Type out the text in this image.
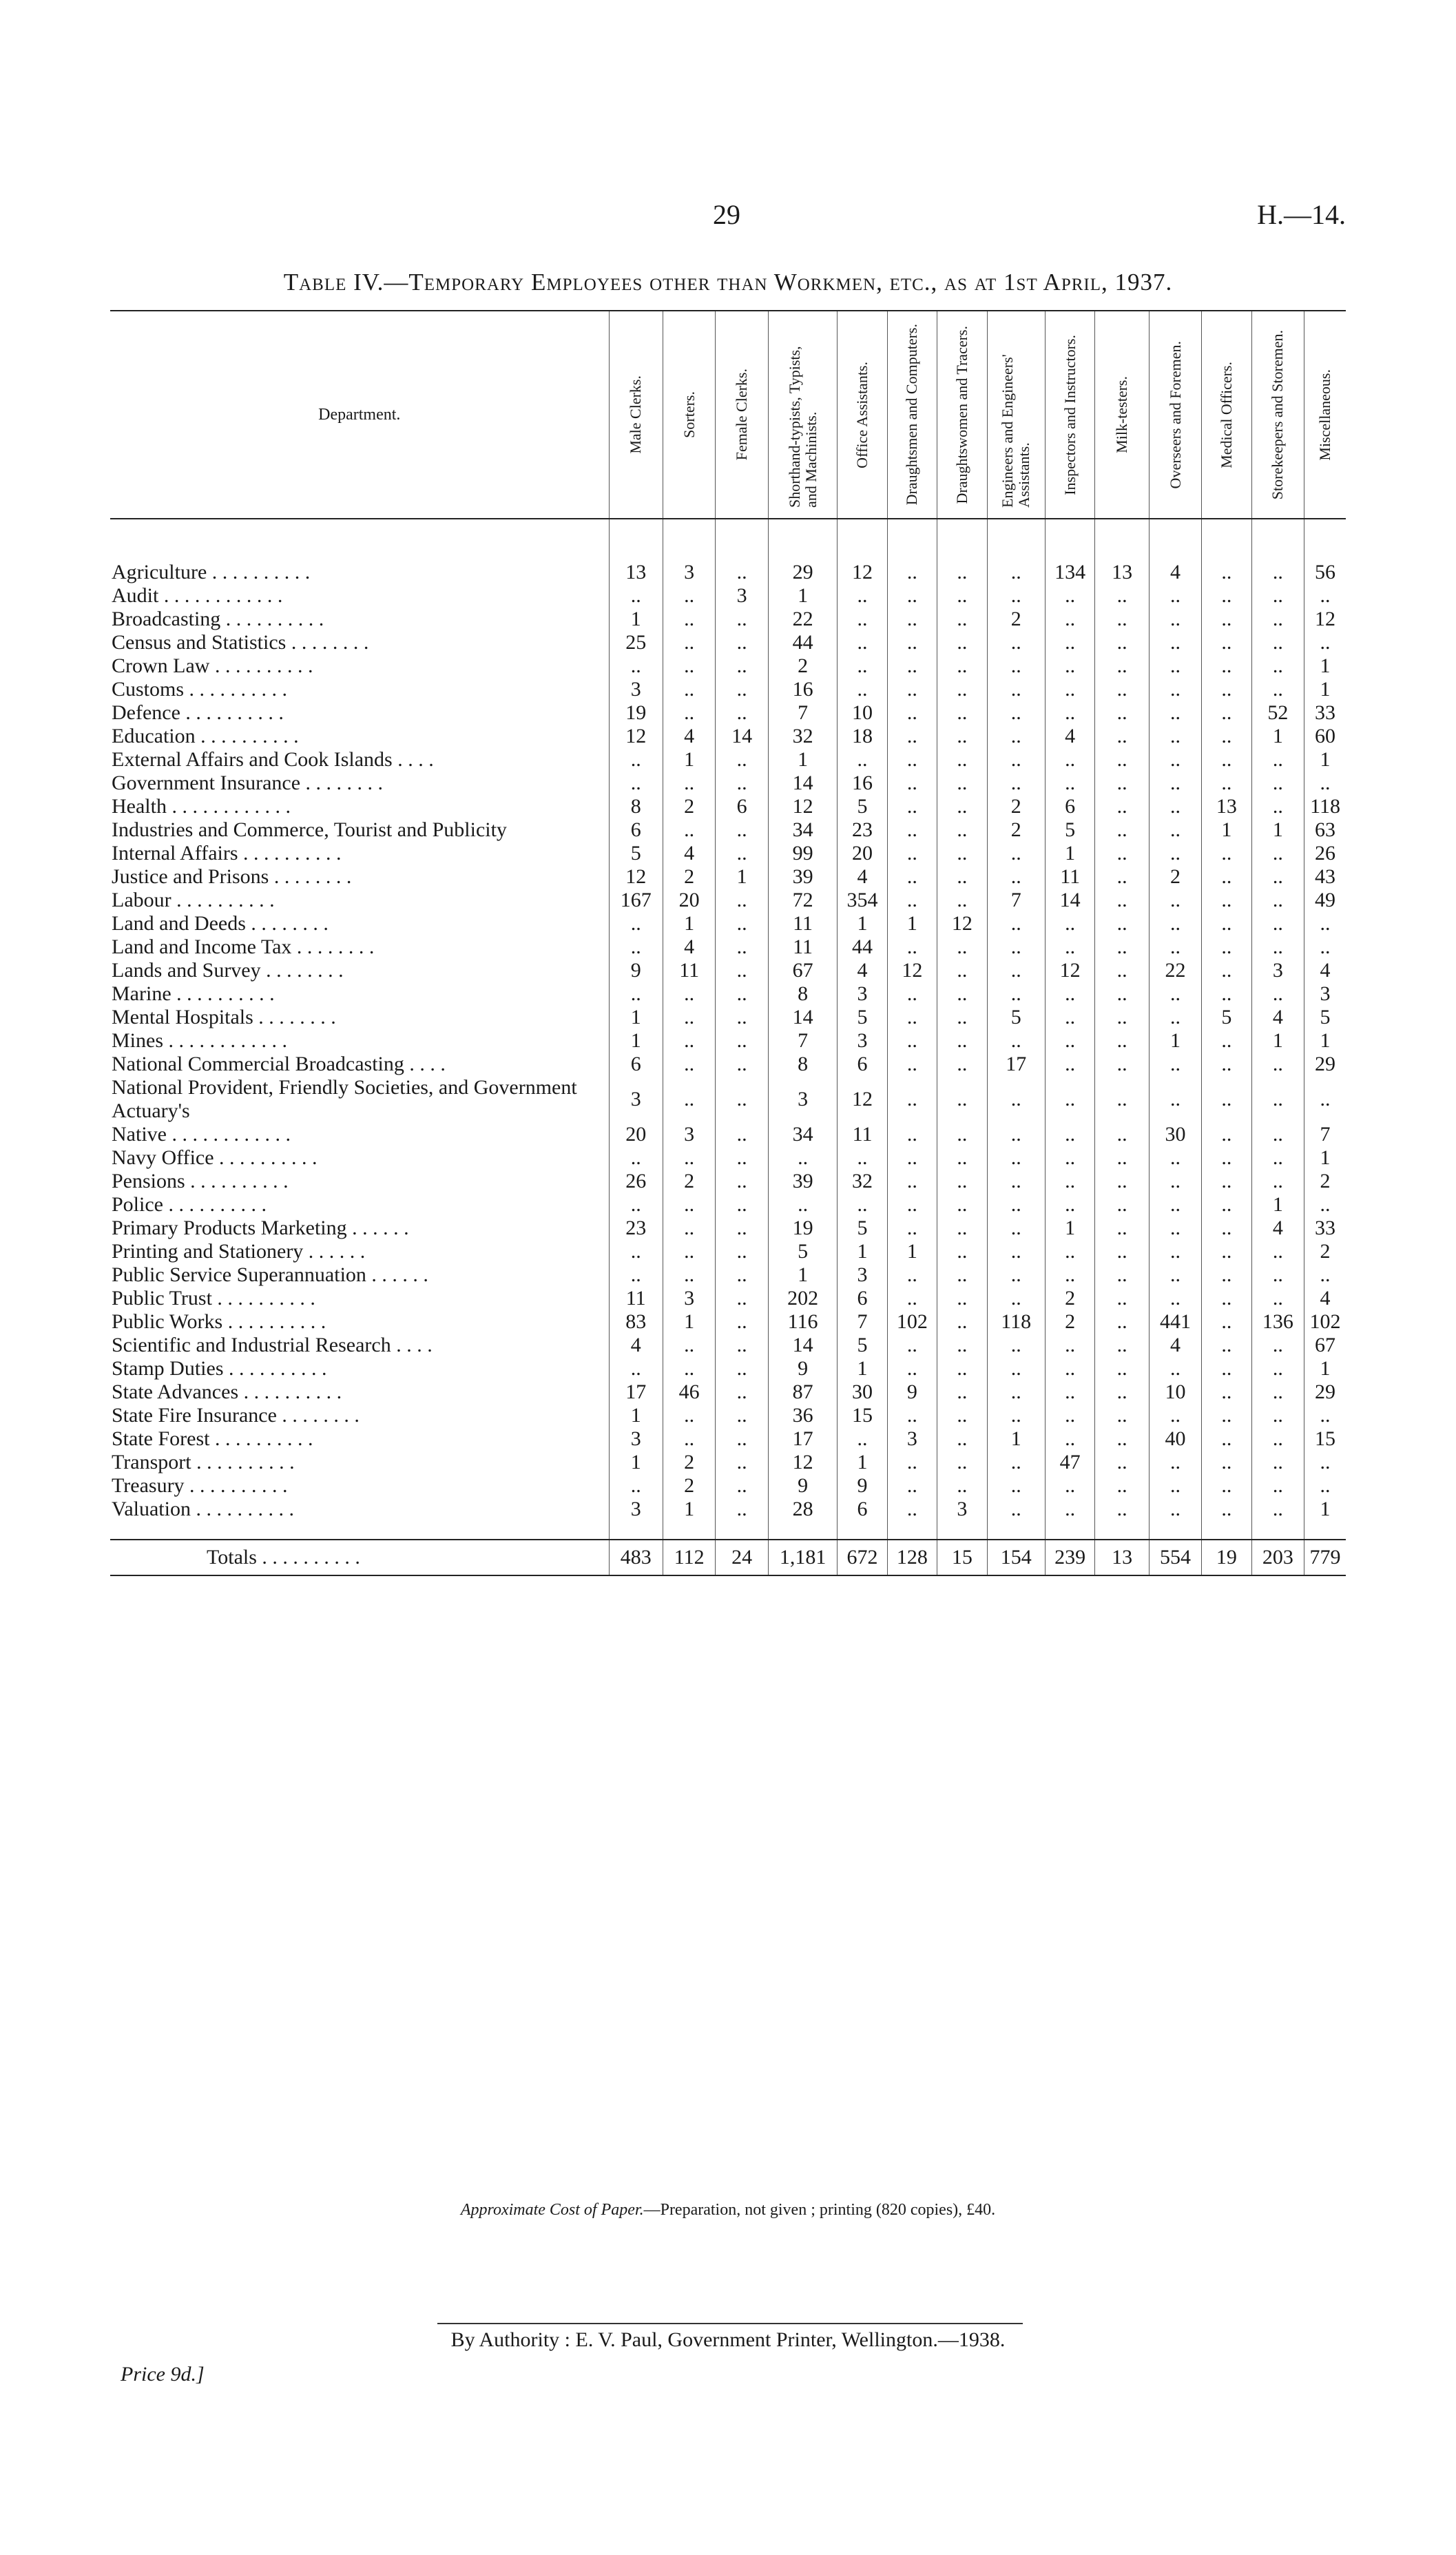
29	H.—14.
Table IV.—Temporary Employees other than Workmen, etc., as at 1st April, 1937.
Department.	Male Clerks.	Sorters.	Female Clerks.	Shorthand-typists, Typists, and Machinists.	Office Assistants.	Draughtsmen and Computers.	Draughtswomen and Tracers.	Engineers and Engineers' Assistants.	Inspectors and Instructors.	Milk-testers.	Overseers and Foremen.	Medical Officers.	Storekeepers and Storemen.	Miscellaneous.

Agriculture . . . . . . . . . .	13	3	..	29	12	..	..	..	134	13	4	..	..	56
Audit . . . . . . . . . . . .	..	..	3	1	..	..	..	..	..	..	..	..	..	..
Broadcasting . . . . . . . . . .	1	..	..	22	..	..	..	2	..	..	..	..	..	12
Census and Statistics . . . . . . . .	25	..	..	44	..	..	..	..	..	..	..	..	..	..
Crown Law . . . . . . . . . .	..	..	..	2	..	..	..	..	..	..	..	..	..	1
Customs . . . . . . . . . .	3	..	..	16	..	..	..	..	..	..	..	..	..	1
Defence . . . . . . . . . .	19	..	..	7	10	..	..	..	..	..	..	..	52	33
Education . . . . . . . . . .	12	4	14	32	18	..	..	..	4	..	..	..	1	60
External Affairs and Cook Islands . . . .	..	1	..	1	..	..	..	..	..	..	..	..	..	1
Government Insurance . . . . . . . .	..	..	..	14	16	..	..	..	..	..	..	..	..	..
Health . . . . . . . . . . . .	8	2	6	12	5	..	..	2	6	..	..	13	..	118
Industries and Commerce, Tourist and Publicity	6	..	..	34	23	..	..	2	5	..	..	1	1	63
Internal Affairs . . . . . . . . . .	5	4	..	99	20	..	..	..	1	..	..	..	..	26
Justice and Prisons . . . . . . . .	12	2	1	39	4	..	..	..	11	..	2	..	..	43
Labour . . . . . . . . . .	167	20	..	72	354	..	..	7	14	..	..	..	..	49
Land and Deeds . . . . . . . .	..	1	..	11	1	1	12	..	..	..	..	..	..	..
Land and Income Tax . . . . . . . .	..	4	..	11	44	..	..	..	..	..	..	..	..	..
Lands and Survey . . . . . . . .	9	11	..	67	4	12	..	..	12	..	22	..	3	4
Marine . . . . . . . . . .	..	..	..	8	3	..	..	..	..	..	..	..	..	3
Mental Hospitals . . . . . . . .	1	..	..	14	5	..	..	5	..	..	..	5	4	5
Mines . . . . . . . . . . . .	1	..	..	7	3	..	..	..	..	..	1	..	1	1
National Commercial Broadcasting . . . .	6	..	..	8	6	..	..	17	..	..	..	..	..	29
National Provident, Friendly Societies, and Government Actuary's	3	..	..	3	12	..	..	..	..	..	..	..	..	..
Native . . . . . . . . . . . .	20	3	..	34	11	..	..	..	..	..	30	..	..	7
Navy Office . . . . . . . . . .	..	..	..	..	..	..	..	..	..	..	..	..	..	1
Pensions . . . . . . . . . .	26	2	..	39	32	..	..	..	..	..	..	..	..	2
Police . . . . . . . . . .	..	..	..	..	..	..	..	..	..	..	..	..	1	..
Primary Products Marketing . . . . . .	23	..	..	19	5	..	..	..	1	..	..	..	4	33
Printing and Stationery . . . . . .	..	..	..	5	1	1	..	..	..	..	..	..	..	2
Public Service Superannuation . . . . . .	..	..	..	1	3	..	..	..	..	..	..	..	..	..
Public Trust . . . . . . . . . .	11	3	..	202	6	..	..	..	2	..	..	..	..	4
Public Works . . . . . . . . . .	83	1	..	116	7	102	..	118	2	..	441	..	136	102
Scientific and Industrial Research . . . .	4	..	..	14	5	..	..	..	..	..	4	..	..	67
Stamp Duties . . . . . . . . . .	..	..	..	9	1	..	..	..	..	..	..	..	..	1
State Advances . . . . . . . . . .	17	46	..	87	30	9	..	..	..	..	10	..	..	29
State Fire Insurance . . . . . . . .	1	..	..	36	15	..	..	..	..	..	..	..	..	..
State Forest . . . . . . . . . .	3	..	..	17	..	3	..	1	..	..	40	..	..	15
Transport . . . . . . . . . .	1	2	..	12	1	..	..	..	47	..	..	..	..	..
Treasury . . . . . . . . . .	..	2	..	9	9	..	..	..	..	..	..	..	..	..
Valuation . . . . . . . . . .	3	1	..	28	6	..	3	..	..	..	..	..	..	1

Totals . . . . . . . . . .	483	112	24	1,181	672	128	15	154	239	13	554	19	203	779
Approximate Cost of Paper.—Preparation, not given ; printing (820 copies), £40.
By Authority : E. V. Paul, Government Printer, Wellington.—1938.
Price 9d.]
